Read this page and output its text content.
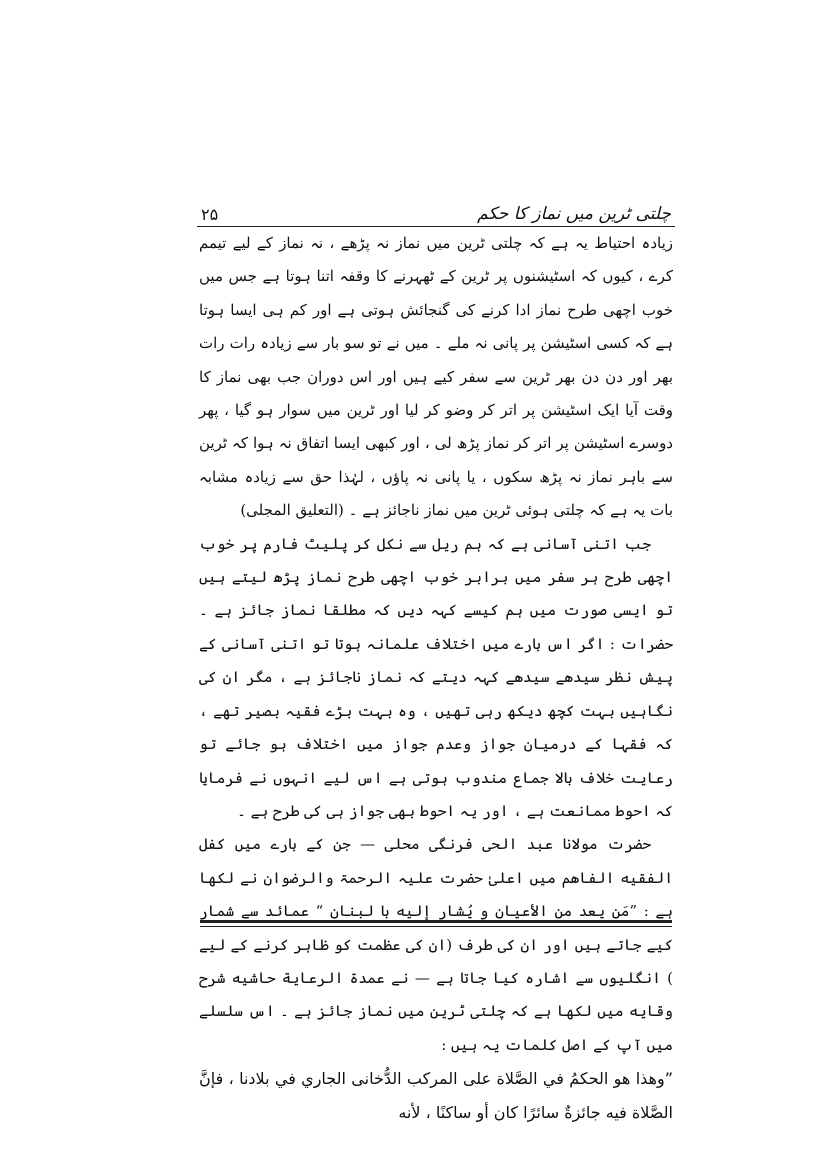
چلتی ٹرین میں نماز کا حکم
۲۵

زیادہ احتیاط یہ ہے کہ چلتی ٹرین میں نماز نہ پڑھے ، نہ نماز کے لیے تیمم کرے ، کیوں کہ اسٹیشنوں پر ٹرین کے ٹھہرنے کا وقفہ اتنا ہوتا ہے جس میں خوب اچھی طرح نماز ادا کرنے کی گنجائش ہوتی ہے اور کم ہی ایسا ہوتا ہے کہ کسی اسٹیشن پر پانی نہ ملے ۔ میں نے تو سو بار سے زیادہ رات رات بھر اور دن دن بھر ٹرین سے سفر کیے ہیں اور اس دوران جب بھی نماز کا وقت آیا ایک اسٹیشن پر اتر کر وضو کر لیا اور ٹرین میں سوار ہو گیا ، پھر دوسرے اسٹیشن پر اتر کر نماز پڑھ لی ، اور کبھی ایسا اتفاق نہ ہوا کہ ٹرین سے باہر نماز نہ پڑھ سکوں ، یا پانی نہ پاؤں ، لہٰذا حق سے زیادہ مشابہ بات یہ ہے کہ چلتی ہوئی ٹرین میں نماز ناجائز ہے ۔ (التعليق المجلى)

جب اتنی آسانی ہے کہ ہم ریل سے نکل کر پلیٹ فارم پر خوب اچھی طرح ہر سفر میں برابر خوب اچھی طرح نماز پڑھ لیتے ہیں تو ایسی صورت میں ہم کیسے کہہ دیں کہ مطلقا نماز جائز ہے ۔ حضرات : اگر اس بارے میں اختلاف علمانہ ہوتا تو اتنی آسانی کے پیش نظر سیدھے سیدھے کہہ دیتے کہ نماز ناجائز ہے ، مگر ان کی نگاہیں بہت کچھ دیکھ رہی تھیں ، وہ بہت بڑے فقیہ بصیر تھے ، کہ فقہا کے درمیان جواز وعدم جواز میں اختلاف ہو جائے تو رعایت خلاف بالا جماع مندوب ہوتی ہے اس لیے انہوں نے فرمایا کہ احوط ممانعت ہے ، اور یہ احوط بھی جواز ہی کی طرح ہے ۔

حضرت مولانا عبد الحی فرنگی محلی — جن کے بارے میں کفل الفقيه الفاهم میں اعلیٰ حضرت علیہ الرحمۃ والرضوان نے لکھا ہے : ”مَن یعد من الأعیان و یُشار إلیه با لبنان “ عمائد سے شمار کیے جاتے ہیں اور ان کی طرف (ان کی عظمت کو ظاہر کرنے کے لیے ) انگلیوں سے اشارہ کیا جاتا ہے — نے عمدة الرعاية حاشيه شرح وقايه میں لکھا ہے کہ چلتی ٹرین میں نماز جائز ہے ۔ اس سلسلے میں آپ کے اصل کلمات یہ ہیں :

”وهذا هو الحكمُ في الصَّلاة على المركب الدُّخانى الجاري في بلادنا ، فإنَّ الصَّلاة فيه جائزةٌ سائرًا كان أو ساكنًا ، لأنه
